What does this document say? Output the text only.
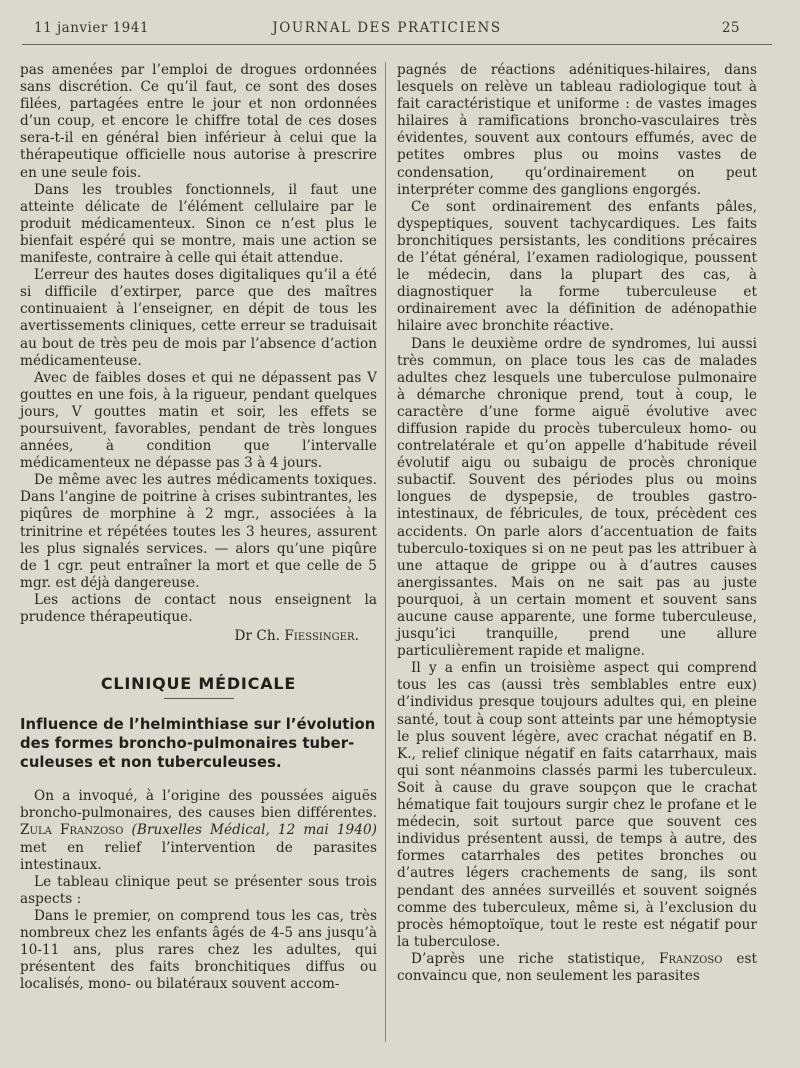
11 janvier 1941	JOURNAL DES PRATICIENS	25

pas amenées par l’emploi de drogues ordonnées sans discrétion. Ce qu’il faut, ce sont des doses filées, partagées entre le jour et non ordonnées d’un coup, et encore le chiffre total de ces doses sera-t-il en général bien inférieur à celui que la thérapeutique officielle nous autorise à prescrire en une seule fois.

Dans les troubles fonctionnels, il faut une atteinte délicate de l’élément cellulaire par le produit médicamenteux. Sinon ce n’est plus le bienfait espéré qui se montre, mais une action se manifeste, contraire à celle qui était attendue.

L’erreur des hautes doses digitaliques qu’il a été si difficile d’extirper, parce que des maîtres continuaient à l’enseigner, en dépit de tous les avertissements cliniques, cette erreur se traduisait au bout de très peu de mois par l’absence d’action médicamenteuse.

Avec de faibles doses et qui ne dépassent pas V gouttes en une fois, à la rigueur, pendant quelques jours, V gouttes matin et soir, les effets se poursuivent, favorables, pendant de très longues années, à condition que l’intervalle médicamenteux ne dépasse pas 3 à 4 jours.

De même avec les autres médicaments toxiques. Dans l’angine de poitrine à crises subintrantes, les piqûres de morphine à 2 mgr., associées à la trinitrine et répétées toutes les 3 heures, assurent les plus signalés services. — alors qu’une piqûre de 1 cgr. peut entraîner la mort et que celle de 5 mgr. est déjà dangereuse.

Les actions de contact nous enseignent la prudence thérapeutique.

Dr Ch. Fiessinger.
CLINIQUE MÉDICALE
Influence de l’helminthiase sur l’évolution
des formes broncho-pulmonaires tuber-
culeuses et non tuberculeuses.

On a invoqué, à l’origine des poussées aiguës broncho-pulmonaires, des causes bien différentes. Zula Franzoso (Bruxelles Médical, 12 mai 1940) met en relief l’intervention de parasites intestinaux.

Le tableau clinique peut se présenter sous trois aspects :

Dans le premier, on comprend tous les cas, très nombreux chez les enfants âgés de 4-5 ans jusqu’à 10-11 ans, plus rares chez les adultes, qui présentent des faits bronchitiques diffus ou localisés, mono- ou bilatéraux souvent accom-

pagnés de réactions adénitiques-hilaires, dans lesquels on relève un tableau radiologique tout à fait caractéristique et uniforme : de vastes images hilaires à ramifications broncho-vasculaires très évidentes, souvent aux contours effumés, avec de petites ombres plus ou moins vastes de condensation, qu’ordinairement on peut interpréter comme des ganglions engorgés.

Ce sont ordinairement des enfants pâles, dyspeptiques, souvent tachycardiques. Les faits bronchitiques persistants, les conditions précaires de l’état général, l’examen radiologique, poussent le médecin, dans la plupart des cas, à diagnostiquer la forme tuberculeuse et ordinairement avec la définition de adénopathie hilaire avec bronchite réactive.

Dans le deuxième ordre de syndromes, lui aussi très commun, on place tous les cas de malades adultes chez lesquels une tuberculose pulmonaire à démarche chronique prend, tout à coup, le caractère d’une forme aiguë évolutive avec diffusion rapide du procès tuberculeux homo- ou contrelatérale et qu’on appelle d’habitude réveil évolutif aigu ou subaigu de procès chronique subactif. Souvent des périodes plus ou moins longues de dyspepsie, de troubles gastro-intestinaux, de fébricules, de toux, précèdent ces accidents. On parle alors d’accentuation de faits tuberculo-toxiques si on ne peut pas les attribuer à une attaque de grippe ou à d’autres causes anergissantes. Mais on ne sait pas au juste pourquoi, à un certain moment et souvent sans aucune cause apparente, une forme tuberculeuse, jusqu’ici tranquille, prend une allure particulièrement rapide et maligne.

Il y a enfin un troisième aspect qui comprend tous les cas (aussi très semblables entre eux) d’individus presque toujours adultes qui, en pleine santé, tout à coup sont atteints par une hémoptysie le plus souvent légère, avec crachat négatif en B. K., relief clinique négatif en faits catarrhaux, mais qui sont néanmoins classés parmi les tuberculeux. Soit à cause du grave soupçon que le crachat hématique fait toujours surgir chez le profane et le médecin, soit surtout parce que souvent ces individus présentent aussi, de temps à autre, des formes catarrhales des petites bronches ou d’autres légers crachements de sang, ils sont pendant des années surveillés et souvent soignés comme des tuberculeux, même si, à l’exclusion du procès hémoptoïque, tout le reste est négatif pour la tuberculose.

D’après une riche statistique, Franzoso est convaincu que, non seulement les parasites
